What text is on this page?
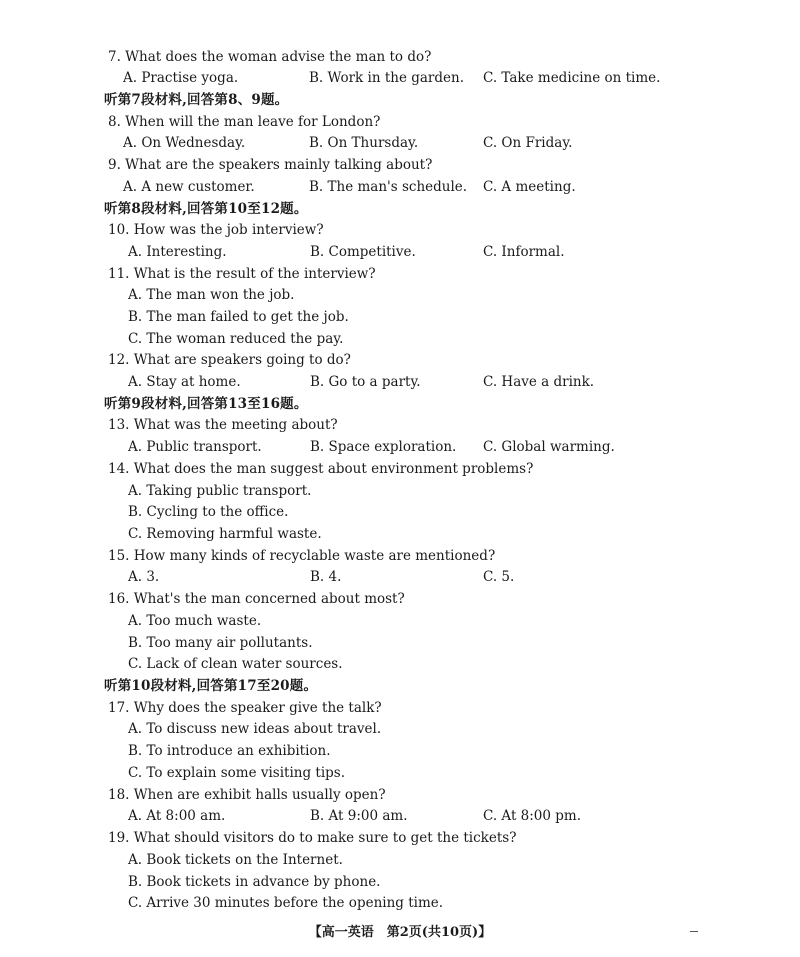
7. What does the woman advise the man to do?
A. Practise yoga.	B. Work in the garden. C. Take medicine on time.
听第7段材料,回答第8、9题。
8. When will the man leave for London?
A. On Wednesday.	B. On Thursday.	C. On Friday.
9. What are the speakers mainly talking about?
A. A new customer.	B. The man's schedule. C. A meeting.
听第8段材料,回答第10至12题。
10. How was the job interview?
A. Interesting.	B. Competitive.	C. Informal.
11. What is the result of the interview?
A. The man won the job.
B. The man failed to get the job.
C. The woman reduced the pay.
12. What are speakers going to do?
A. Stay at home.	B. Go to a party.	C. Have a drink.
听第9段材料,回答第13至16题。
13. What was the meeting about?
A. Public transport.	B. Space exploration. C. Global warming.
14. What does the man suggest about environment problems?
A. Taking public transport.
B. Cycling to the office.
C. Removing harmful waste.
15. How many kinds of recyclable waste are mentioned?
A. 3.	B. 4.	C. 5.
16. What's the man concerned about most?
A. Too much waste.
B. Too many air pollutants.
C. Lack of clean water sources.
听第10段材料,回答第17至20题。
17. Why does the speaker give the talk?
A. To discuss new ideas about travel.
B. To introduce an exhibition.
C. To explain some visiting tips.
18. When are exhibit halls usually open?
A. At 8:00 am.	B. At 9:00 am.	C. At 8:00 pm.
19. What should visitors do to make sure to get the tickets?
A. Book tickets on the Internet.
B. Book tickets in advance by phone.
C. Arrive 30 minutes before the opening time.
【高一英语　第2页(共10页)】
